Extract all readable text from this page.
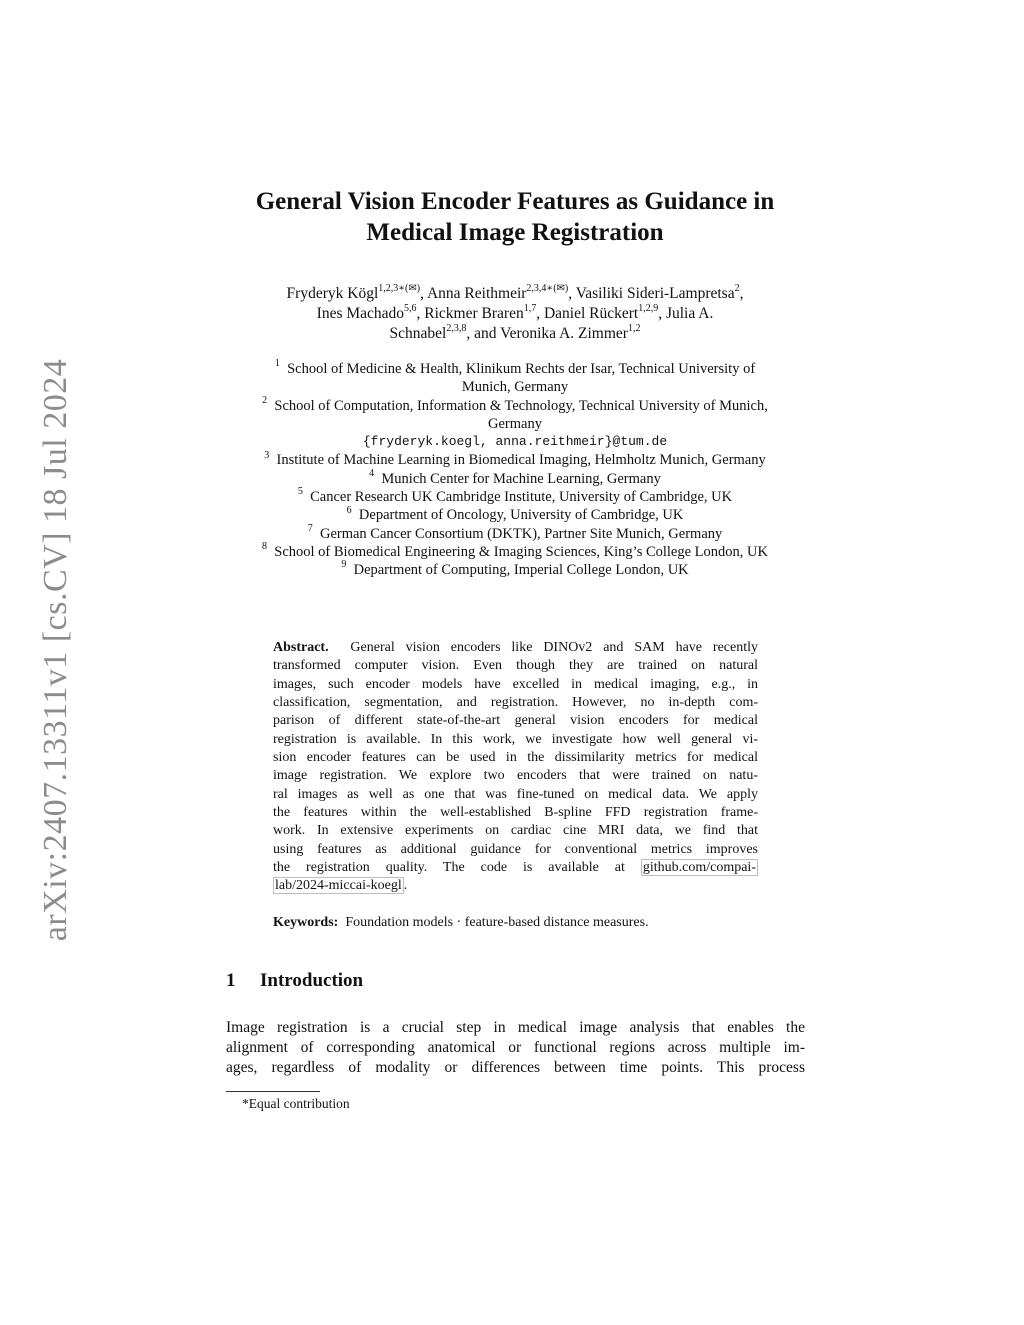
arXiv:2407.13311v1 [cs.CV] 18 Jul 2024
General Vision Encoder Features as Guidance in
Medical Image Registration
Fryderyk Kögl$^{1,2,3∗(✉)}$, Anna Reithmeir$^{2,3,4∗(✉)}$, Vasiliki Sideri-Lampretsa$^2$,
Ines Machado$^{5,6}$, Rickmer Braren$^{1,7}$, Daniel Rückert$^{1,2,9}$, Julia A.
Schnabel$^{2,3,8}$, and Veronika A. Zimmer$^{1,2}$
$^1$ School of Medicine & Health, Klinikum Rechts der Isar, Technical University of
Munich, Germany
$^2$ School of Computation, Information & Technology, Technical University of Munich,
Germany
{fryderyk.koegl, anna.reithmeir}@tum.de
$^3$ Institute of Machine Learning in Biomedical Imaging, Helmholtz Munich, Germany
$^4$ Munich Center for Machine Learning, Germany
$^5$ Cancer Research UK Cambridge Institute, University of Cambridge, UK
$^6$ Department of Oncology, University of Cambridge, UK
$^7$ German Cancer Consortium (DKTK), Partner Site Munich, Germany
$^8$ School of Biomedical Engineering & Imaging Sciences, King’s College London, UK
$^9$ Department of Computing, Imperial College London, UK
Abstract. General vision encoders like DINOv2 and SAM have recently
transformed computer vision. Even though they are trained on natural
images, such encoder models have excelled in medical imaging, e.g., in
classification, segmentation, and registration. However, no in-depth com-
parison of different state-of-the-art general vision encoders for medical
registration is available. In this work, we investigate how well general vi-
sion encoder features can be used in the dissimilarity metrics for medical
image registration. We explore two encoders that were trained on natu-
ral images as well as one that was fine-tuned on medical data. We apply
the features within the well-established B-spline FFD registration frame-
work. In extensive experiments on cardiac cine MRI data, we find that
using features as additional guidance for conventional metrics improves
the registration quality. The code is available at github.com/compai-
lab/2024-miccai-koegl .
Keywords: Foundation models · feature-based distance measures.
1 Introduction
Image registration is a crucial step in medical image analysis that enables the
alignment of corresponding anatomical or functional regions across multiple im-
ages, regardless of modality or differences between time points. This process
*Equal contribution
